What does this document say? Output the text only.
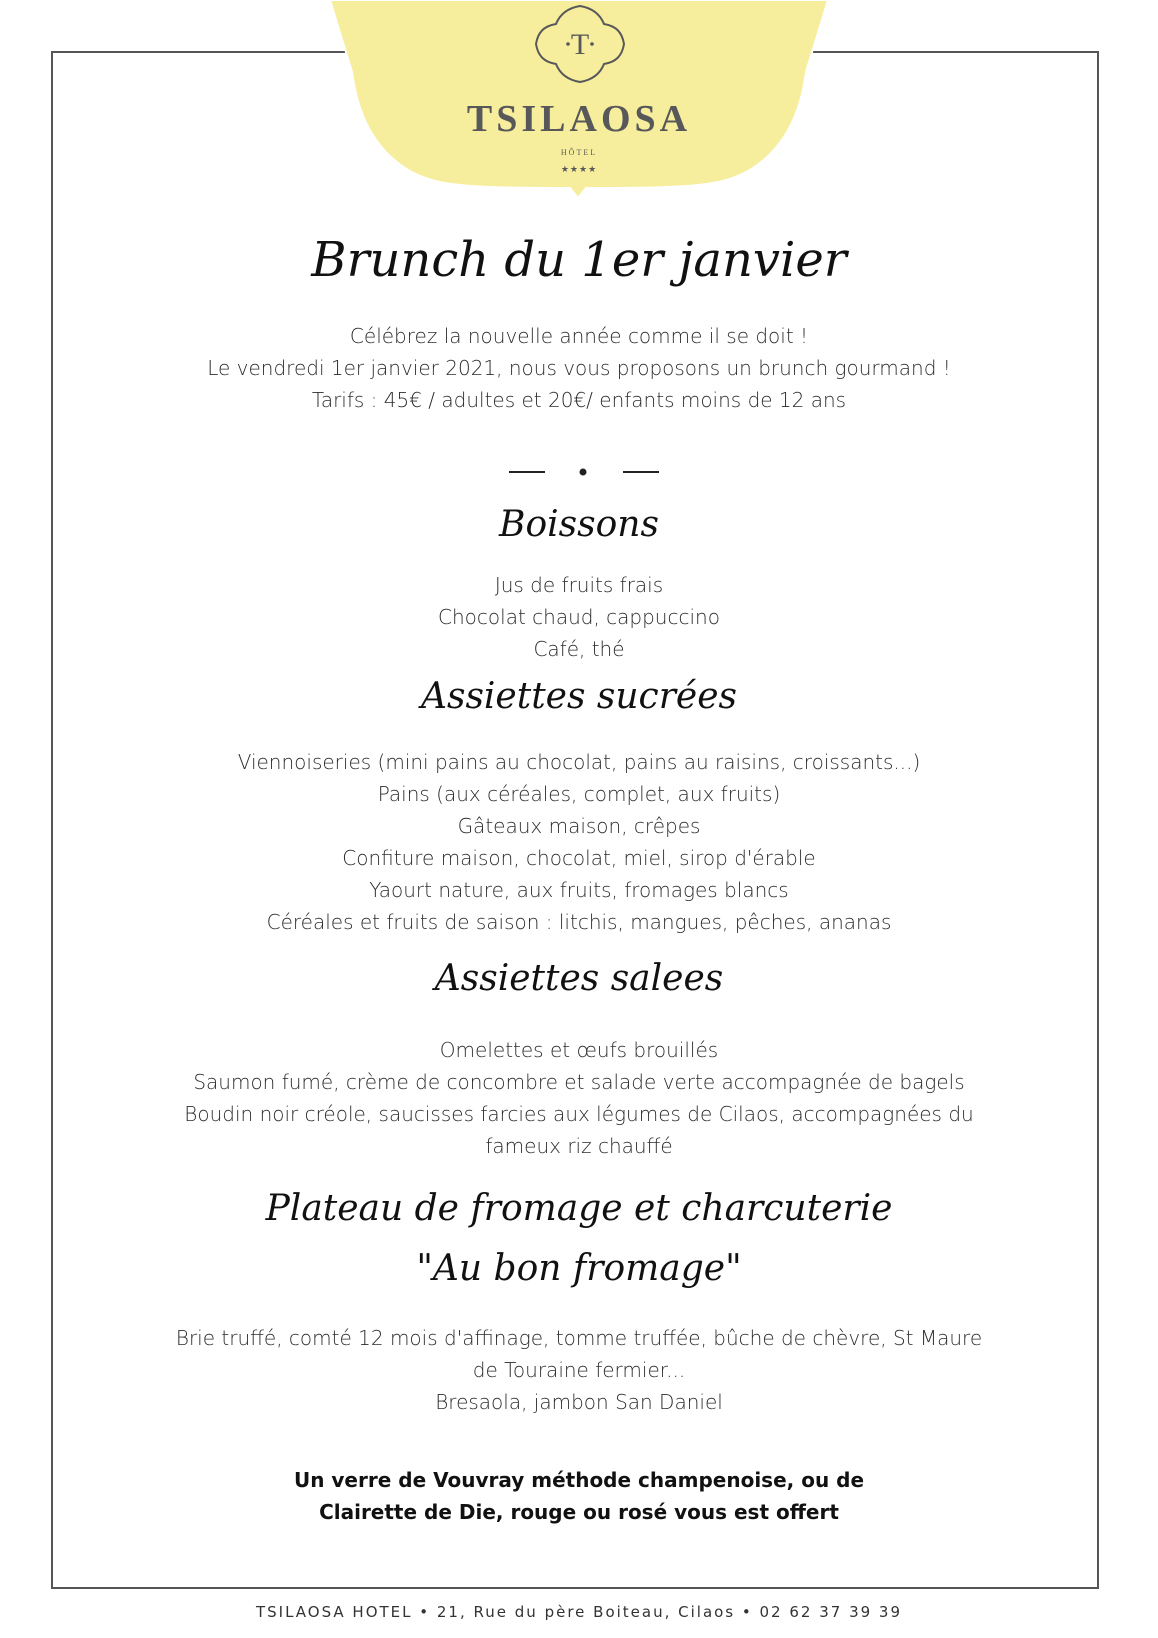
T
TSILAOSA
HÔTEL
★★★★
Brunch du 1er janvier
Célébrez la nouvelle année comme il se doit !
Le vendredi 1er janvier 2021, nous vous proposons un brunch gourmand !
Tarifs : 45€ / adultes et 20€/ enfants moins de 12 ans
Boissons
Jus de fruits frais
Chocolat chaud, cappuccino
Café, thé
Assiettes sucrées
Viennoiseries (mini pains au chocolat, pains au raisins, croissants...)
Pains (aux céréales, complet, aux fruits)
Gâteaux maison, crêpes
Confiture maison, chocolat, miel, sirop d'érable
Yaourt nature, aux fruits, fromages blancs
Céréales et fruits de saison : litchis, mangues, pêches, ananas
Assiettes salees
Omelettes et œufs brouillés
Saumon fumé, crème de concombre et salade verte accompagnée de bagels
Boudin noir créole, saucisses farcies aux légumes de Cilaos, accompagnées du
fameux riz chauffé
Plateau de fromage et charcuterie
"Au bon fromage"
Brie truffé, comté 12 mois d'affinage, tomme truffée, bûche de chèvre, St Maure
de Touraine fermier...
Bresaola, jambon San Daniel
Un verre de Vouvray méthode champenoise, ou de
Clairette de Die, rouge ou rosé vous est offert
TSILAOSA HOTEL • 21, Rue du père Boiteau, Cilaos • 02 62 37 39 39
